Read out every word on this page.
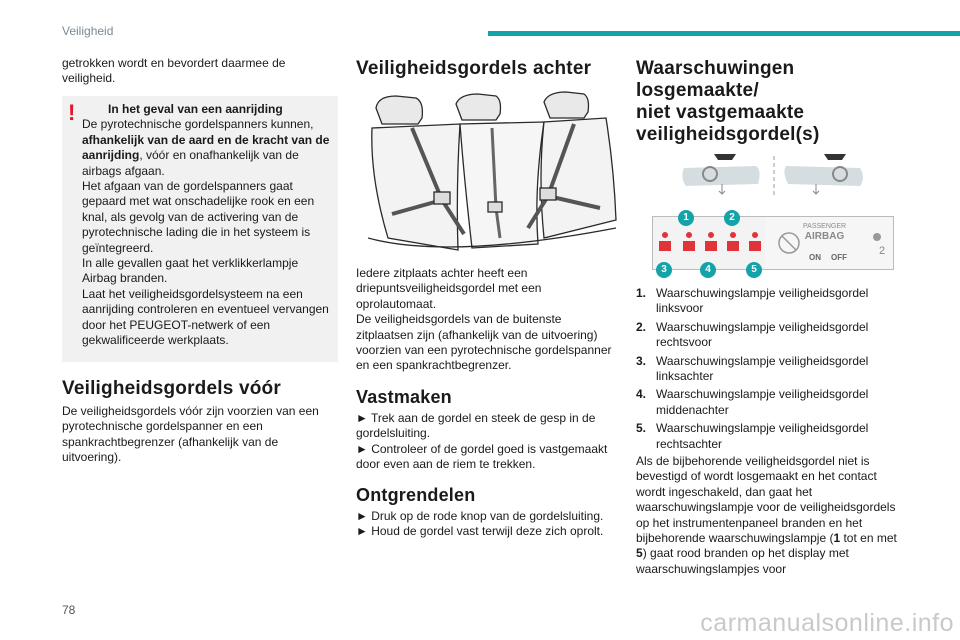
Veiligheid

getrokken wordt en bevordert daarmee de veiligheid.

!	In het geval van een aanrijding

De pyrotechnische gordelspanners kunnen, afhankelijk van de aard en de kracht van de aanrijding, vóór en onafhankelijk van de airbags afgaan.

Het afgaan van de gordelspanners gaat gepaard met wat onschadelijke rook en een knal, als gevolg van de activering van de pyrotechnische lading die in het systeem is geïntegreerd.

In alle gevallen gaat het verklikkerlampje Airbag branden.

Laat het veiligheidsgordelsysteem na een aanrijding controleren en eventueel vervangen door het PEUGEOT-netwerk of een gekwalificeerde werkplaats.

Veiligheidsgordels vóór

De veiligheidsgordels vóór zijn voorzien van een pyrotechnische gordelspanner en een spankrachtbegrenzer (afhankelijk van de uitvoering).

Veiligheidsgordels achter

Iedere zitplaats achter heeft een driepuntsveiligheidsgordel met een oprolautomaat.

De veiligheidsgordels van de buitenste zitplaatsen zijn (afhankelijk van de uitvoering) voorzien van een pyrotechnische gordelspanner en een spankrachtbegrenzer.

Vastmaken

► Trek aan de gordel en steek de gesp in de gordelsluiting.

► Controleer of de gordel goed is vastgemaakt door even aan de riem te trekken.

Ontgrendelen

► Druk op de rode knop van de gordelsluiting.

► Houd de gordel vast terwijl deze zich oprolt.

Waarschuwingen
losgemaakte/
niet vastgemaakte
veiligheidsgordel(s)
PASSENGER
AIRBAG
ON OFF
2
1	2
3	4	5
1. Waarschuwingslampje veiligheidsgordel linksvoor
2. Waarschuwingslampje veiligheidsgordel rechtsvoor
3. Waarschuwingslampje veiligheidsgordel linksachter
4. Waarschuwingslampje veiligheidsgordel middenachter
5. Waarschuwingslampje veiligheidsgordel rechtsachter

Als de bijbehorende veiligheidsgordel niet is bevestigd of wordt losgemaakt en het contact wordt ingeschakeld, dan gaat het waarschuwingslampje voor de veiligheidsgordels op het instrumentenpaneel branden en het bijbehorende waarschuwingslampje (1 tot en met 5) gaat rood branden op het display met waarschuwingslampjes voor

78	carmanualsonline.info
